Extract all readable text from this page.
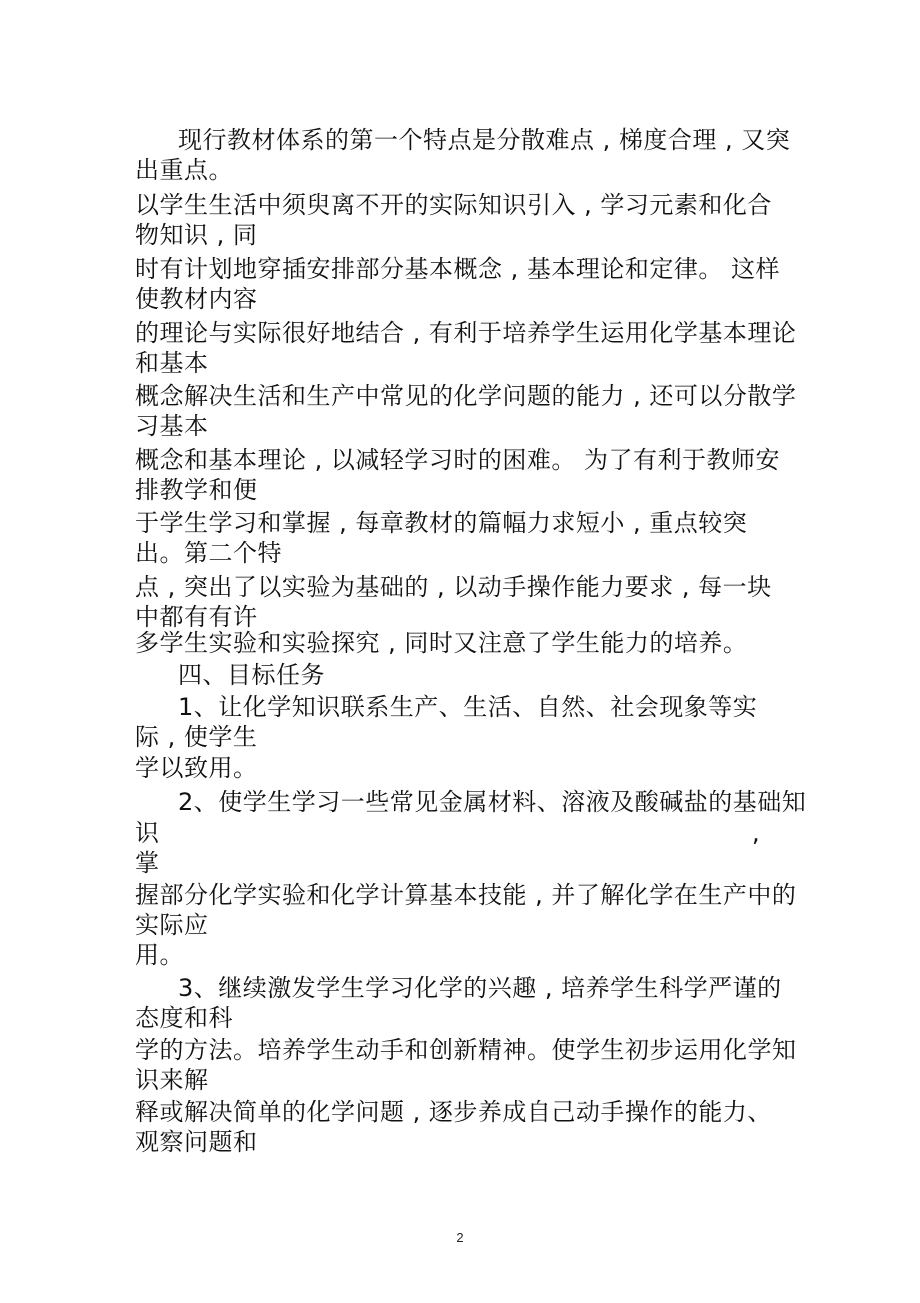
现行教材体系的第一个特点是分散难点 , 梯度合理 , 又突
出重点。
以学生生活中须臾离不开的实际知识引入 , 学习元素和化合
物知识 , 同
时有计划地穿插安排部分基本概念 , 基本理论和定律。 这样
使教材内容
的理论与实际很好地结合 , 有利于培养学生运用化学基本理论
和基本
概念解决生活和生产中常见的化学问题的能力 , 还可以分散学
习基本
概念和基本理论 , 以减轻学习时的困难。 为了有利于教师安
排教学和便
于学生学习和掌握 , 每章教材的篇幅力求短小 , 重点较突
出。第二个特
点 , 突出了以实验为基础的 , 以动手操作能力要求 , 每一块
中都有有许
多学生实验和实验探究 , 同时又注意了学生能力的培养。
四、目标任务
1、让化学知识联系生产、生活、自然、社会现象等实
际 , 使学生
学以致用。
2、使学生学习一些常见金属材料、溶液及酸碱盐的基础知
识	,
掌
握部分化学实验和化学计算基本技能 , 并了解化学在生产中的
实际应
用。
3、继续激发学生学习化学的兴趣 , 培养学生科学严谨的
态度和科
学的方法。培养学生动手和创新精神。使学生初步运用化学知
识来解
释或解决简单的化学问题 , 逐步养成自己动手操作的能力、
观察问题和
2
